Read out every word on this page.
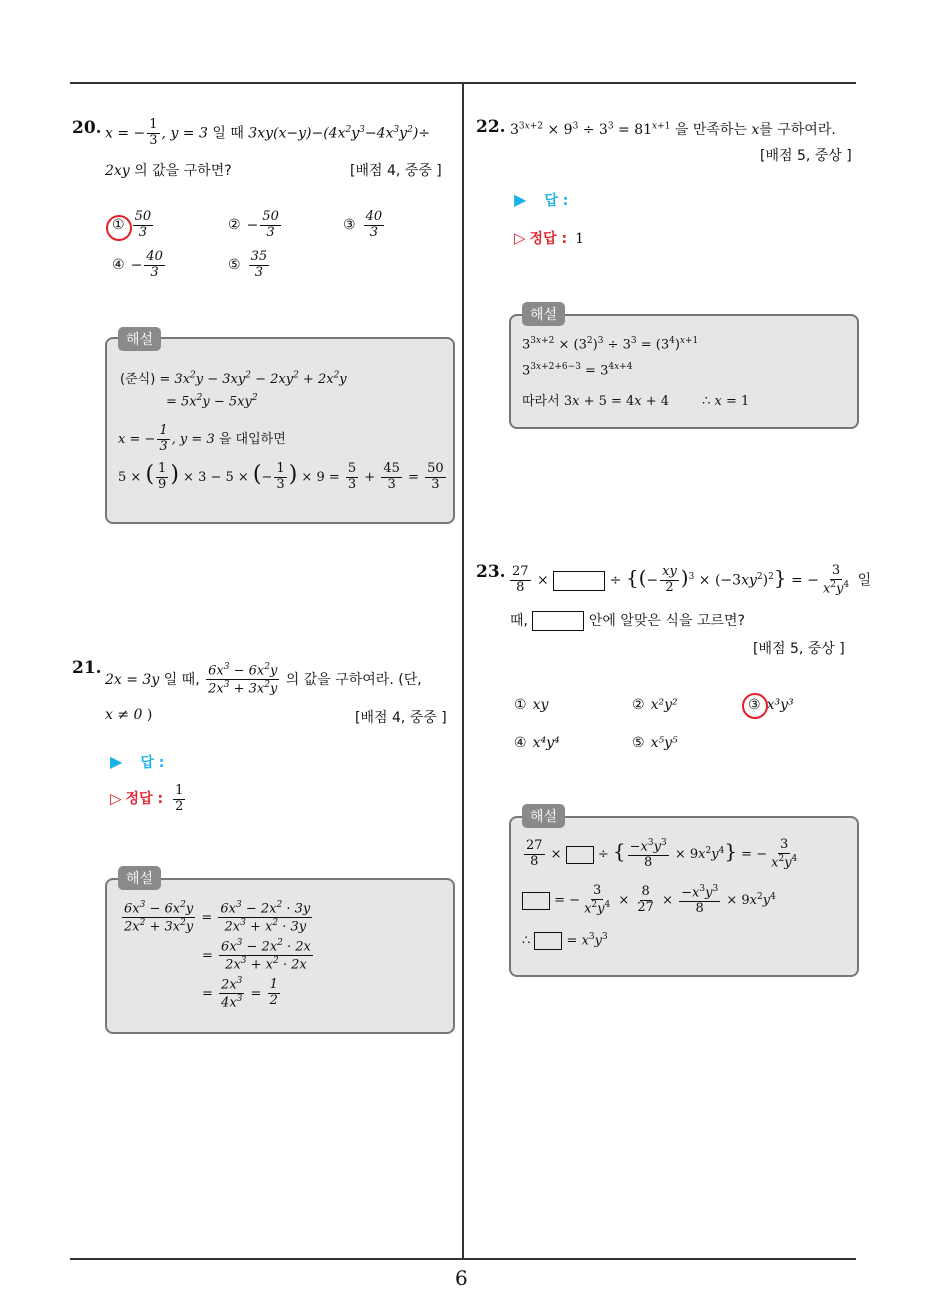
6
20. x = − $\frac{1}{3}$ , y = 3 일 때 $3xy(x-y)-(4x^2y^3-4x^3y^2)\div$
2xy 의 값을 구하면?	[배점 4, 중중 ]
① $\frac{50}{3}$	② − $\frac{50}{3}$	③ $\frac{40}{3}$
④ − $\frac{40}{3}$	⑤ $\frac{35}{3}$
해설
(준식) = $3x^2y - 3xy^2 - 2xy^2 + 2x^2y$
= $5x^2y - 5xy^2$
x = − $\frac{1}{3}$ , y = 3 을 대입하면
5 × ( $\frac{1}{9}$ ) × 3 − 5 × (− $\frac{1}{3}$ ) × $9 = \frac{5}{3} + \frac{45}{3} = \frac{50}{3}$
21.
2x = 3y 일 때, $\frac{6x^3 - 6x^2y}{2x^3 + 3x^2y}$ 의 값을 구하여라. (단,
x ≠ 0 )	[배점 4, 중중 ]
▶ 답 :
▷ 정답 : $\frac{1}{2}$
해설
$\frac{6x^3 - 6x^2y}{2x^2 + 3x^2y} = \frac{6x^3 - 2x^2 \cdot 3y}{2x^3 + x^2 \cdot 3y}$
= $\frac{6x^3 - 2x^2 \cdot 2x}{2x^3 + x^2 \cdot 2x}$
= $\frac{2x^3}{4x^3} = \frac{1}{2}$
22. $3^{3x+2} \times 9^3 \div 3^3 = 81^{x+1}$ 을 만족하는 x를 구하여라.
[배점 5, 중상 ]
▶ 답 :
▷ 정답 : 1
해설
$3^{3x+2} \times (3^2)^3 \div 3^3 = (3^4)^{x+1}$
$3^{3x+2+6-3} = 3^{4x+4}$
따라서 3x + 5 = 4x + 4        ∴ x = 1
23. $\frac{27}{8}$ ×	÷ {(− $\frac{xy}{2} )^3 \times (-3xy^2)^2$} = − $\frac{3}{x^2y^4}$ 일
때,	안에 알맞은 식을 고르면?
[배점 5, 중상 ]
① xy	② x²y²	③ x³y³
④ x⁴y⁴	⑤ x⁵y⁵
해설
$\frac{27}{8}$ ×  ÷ { $\frac{-x^3y^3}{8} \times 9x^2y^4$} = − $\frac{3}{x^2y^4}$
= − $\frac{3}{x^2y^4} \times \frac{8}{27} \times \frac{-x^3y^3}{8} \times 9x^2y^4$
∴  = $x^3y^3$
